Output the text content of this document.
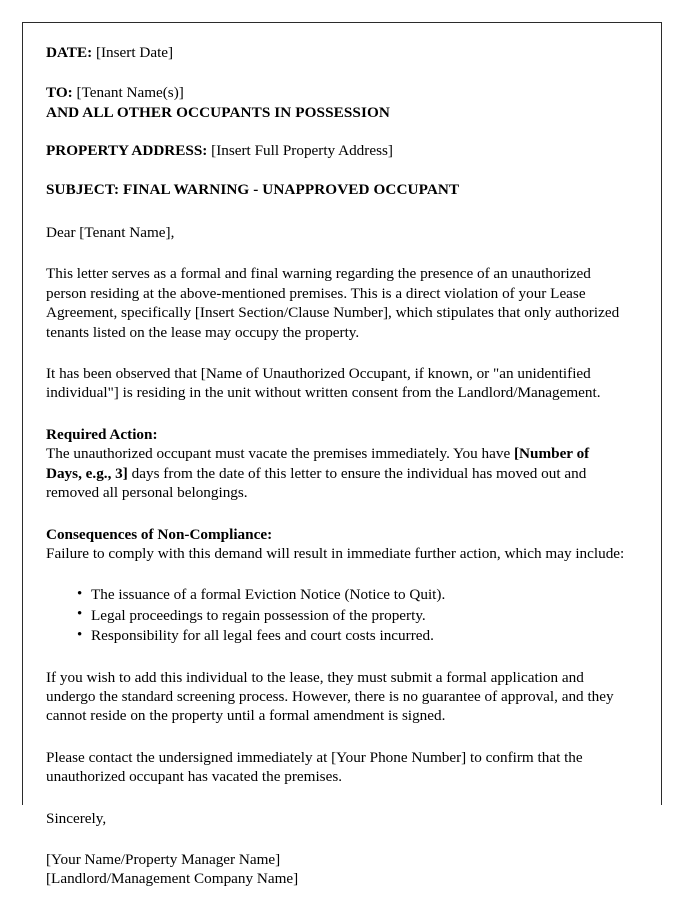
DATE: [Insert Date]

TO: [Tenant Name(s)]

AND ALL OTHER OCCUPANTS IN POSSESSION

PROPERTY ADDRESS: [Insert Full Property Address]

SUBJECT: FINAL WARNING - UNAPPROVED OCCUPANT

Dear [Tenant Name],

This letter serves as a formal and final warning regarding the presence of an unauthorized person residing at the above-mentioned premises. This is a direct violation of your Lease Agreement, specifically [Insert Section/Clause Number], which stipulates that only authorized tenants listed on the lease may occupy the property.

It has been observed that [Name of Unauthorized Occupant, if known, or "an unidentified individual"] is residing in the unit without written consent from the Landlord/Management.

Required Action:

The unauthorized occupant must vacate the premises immediately. You have [Number of Days, e.g., 3] days from the date of this letter to ensure the individual has moved out and removed all personal belongings.

Consequences of Non-Compliance:

Failure to comply with this demand will result in immediate further action, which may include:

• The issuance of a formal Eviction Notice (Notice to Quit).
• Legal proceedings to regain possession of the property.
• Responsibility for all legal fees and court costs incurred.

If you wish to add this individual to the lease, they must submit a formal application and undergo the standard screening process. However, there is no guarantee of approval, and they cannot reside on the property until a formal amendment is signed.

Please contact the undersigned immediately at [Your Phone Number] to confirm that the unauthorized occupant has vacated the premises.

Sincerely,

[Your Name/Property Manager Name]

[Landlord/Management Company Name]
